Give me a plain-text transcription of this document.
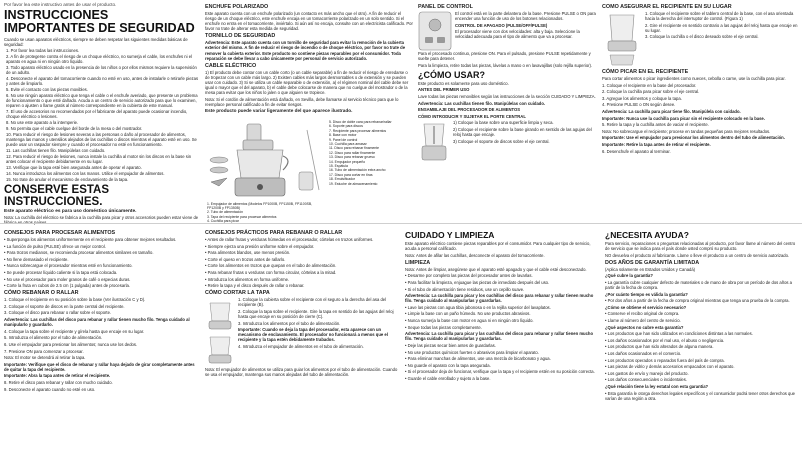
Por favor lea este instructivo antes de usar el producto.
INSTRUCCIONES IMPORTANTES DE SEGURIDAD
Cuando se usan aparatos eléctricos, siempre se deben respetar las siguientes medidas básicas de seguridad:
1. Por favor lea todas las instrucciones.
2. A fin de protegerse contra el riesgo de un choque eléctrico, no sumerja el cable, los enchufes ni el aparato en agua ni en ningún otro líquido.
3. Todo aparato eléctrico usado en la presencia de los niños o por ellos mismos requiere la supervisión de un adulto.
4. Desconecte el aparato del tomacorriente cuando no esté en uso, antes de instalarle o retirarle piezas y antes de limpiarlo.
5. Evite el contacto con las piezas movibles.
6. No use ningún aparato eléctrico que tenga el cable o el enchufe averiado, que presente un problema de funcionamiento o que esté dañado. Acuda a un centro de servicio autorizado para que lo examinen, reparen o ajusten o llame gratis al número correspondiente en la cubierta de este manual.
7. El uso de accesorios no recomendados por el fabricante del aparato puede ocasionar incendio, choque eléctrico o lesiones.
8. No use este aparato a la intemperie.
9. No permita que el cable cuelgue del borde de la mesa o del mostrador.
10. Para reducir el riesgo de lesiones severas a las personas o daño al procesador de alimentos, mantenga las manos y utensilios alejados de las cuchillas o discos mientras el aparato esté en uso. Se puede usar un raspador siempre y cuando el procesador no esté en funcionamiento.
11. Las cuchillas tienen filo. Manipúlelas con cuidado.
12. Para reducir el riesgo de lesiones, nunca instale la cuchilla al motor sin los discos en la base sin antes colocar el recipiente debidamente en su lugar.
13. Verifique que la tapa esté bien asegurada antes de operar el aparato.
14. Nunca introduzca los alimentos con las manos. Utilice el empujador de alimentos.
15. No trate de anular el mecanismo de enclavamiento de la tapa.
CONSERVE ESTAS INSTRUCCIONES.
Este aparato eléctrico es para uso doméstico únicamente.
Nota: La cuchilla del eléctrico se fabrica a la cuchilla para picar y otros accesorios pueden estar viene de fábrica en otros países.
ENCHUFE POLARIZADO
Este aparato cuenta con un enchufe polarizado (un contacto es más ancho que el otro). A fin de reducir el riesgo de un choque eléctrico, este enchufe encaja en un tomacorriente polarizado en un solo sentido. Si el enchufe no entra en el tomacorriente, inviértalo. Si aún así no encaja, consulte con un electricista calificado. Por favor no trate de alterar esta medida de seguridad.
TORNILLO DE SEGURIDAD
Advertencia: Este aparato cuenta con un tornillo de seguridad para evitar la remoción de la cubierta exterior del mismo. A fin de reducir el riesgo de incendio o de choque eléctrico, por favor no trate de remover la cubierta exterior. Este producto no contiene piezas reparables por el consumidor. Toda reparación se debe llevar a cabo únicamente por personal de servicio autorizado.
CABLE ELÉCTRICO
1) El producto debe contar con un cable corto (o un cable separable) a fin de reducir el riesgo de enredarse o de tropezar con un cable más largo. 2) Existen cables más largos desmontables o de extensión y se pueden usar con cuidado. 3) Si se utiliza un cable separable o de extensión, a) el régimen nominal del cable debe ser igual o mayor que el del aparato, b) el cable debe colocarse de manera que no cuelgue del mostrador o de la mesa para evitar que los niños lo jalen o que alguien se tropiece.
Nota: Si el cordón de alimentación está dañado, en Sevilla, debe llamarse al servicio técnico para que lo reemplace personal calificado a fin de evitar riesgos.
Este producto puede variar ligeramente del que aparece ilustrado.
1. Empujador de alimentos (Modelos FP1000B, FP1150B, FP1100SB, FP1200B y FP1350B)
2. Tubo de alimentación
3. Tapa del recipiente para procesar alimentos
4. Cuchilla para picar
5. Disco de doble cara para rebanar/rallar
6. Soporte para discos
7. Recipiente para procesar alimentos
8. Base con motor
9. Panel de control
10. Cuchilla para amasar
11. Disco para rebanar finamente
12. Disco para rallar finamente
13. Disco para rebanar grueso
14. Empujador pequeño
15. Espátula
16. Tubo de alimentación extra ancho
17. Disco para cortar en tiras
18. Emulsificador
19. Estuche de almacenamiento
PANEL DE CONTROL
El control está en la parte delantera de la base. Presione PULSE o ON para encender una función de uso de los botones relacionados.
CONTROL DE APAGADO (PULSE/OFF/PULSE)
El procesador viene con dos velocidades: alta y baja. Seleccione la velocidad adecuada para el tipo de alimento que va a procesar.
Para el procesado continuo, presione ON. Para el pulsado, presione PULSE repetidamente y suelte para detener.
Para la limpieza, retire todas las piezas, lávelas a mano o en lavavajillas (solo rejilla superior).
¿CÓMO USAR?
Este producto es solamente para uso doméstico.
ANTES DEL PRIMER USO
Lave todas las piezas removibles según las instrucciones de la sección CUIDADO Y LIMPIEZA.
Advertencia: Las cuchillas tienen filo. Manipúlelas con cuidado.
ENSAMBLAJE DEL PROCESADOR DE ALIMENTOS
CÓMO INTRODUCIR Y SUJETAR EL PORTE CENTRAL
1) Coloque la base sobre una superficie limpia y seca.
2) Coloque el recipiente sobre la base girando en sentido de las agujas del reloj hasta que encaje.
3) Coloque el soporte de discos sobre el eje central.
COMO ASEGURAR EL RECIPIENTE EN SU LUGAR
1. Coloque el recipiente sobre el tablero central de la base, con el asa orientada hacia la derecha del interruptor de control. (Figura 1)
2. Gire el recipiente en sentido contrario a las agujas del reloj hasta que encaje en su lugar.
3. Coloque la cuchilla o el disco deseado sobre el eje central.
CÓMO PICAR EN EL RECIPIENTE
Para cortar alimentos o picar ingredientes como nueces, cebolla o carne, use la cuchilla para picar.
1. Coloque el recipiente en la base del procesador.
2. Coloque la cuchilla para picar sobre el eje central.
3. Agregue los alimentos y coloque la tapa.
4. Presione PULSE o ON según desee.
Advertencia: La cuchilla para picar tiene filo. Manipúlela con cuidado.
Importante: Nunca use la cuchilla para picar sin el recipiente colocado en la base.
5. Retire la tapa y la cuchilla antes de vaciar el recipiente.
Nota: No sobrecargue el recipiente; procese en tandas pequeñas para mejores resultados.
Importante: Use el empujador para presionar los alimentos dentro del tubo de alimentación.
Importante: Retire la tapa antes de retirar el recipiente.
6. Desenchufe el aparato al terminar.
CONSEJOS PARA PROCESAR ALIMENTOS
• Superponga los alimentos uniformemente en el recipiente para obtener mejores resultados.
• La función de pulso (PULSE) ofrece un mejor control.
• Para trozos medianos, se recomienda procesar alimentos similares en tamaño.
• No llene demasiado el recipiente.
• Nunca sobrecargue el procesador mientras esté en funcionamiento.
• Se puede procesar líquido caliente si la tapa está colocada.
• No use el procesador para moler granos de café o especias duras.
• Corte la fruta en cubos de 2.5 cm (1 pulgada) antes de procesarla.
CÓMO REBANAR O RALLAR
1. Coloque el recipiente en su posición sobre la base (Ver ilustración C y D).
2. Coloque el soporte de discos en la parte central del recipiente.
3. Coloque el disco para rebanar o rallar sobre el soporte.
Advertencia: Las cuchillas del disco para rebanar y rallar tienen mucho filo. Tenga cuidado al manipularlo y guardarlo.
4. Coloque la tapa sobre el recipiente y gírela hasta que encaje en su lugar.
5. Introduzca el alimento por el tubo de alimentación.
6. Use el empujador para presionar los alimentos; nunca use los dedos.
7. Presione ON para comenzar a procesar.
Nota: El motor se detendrá al retirar la tapa.
Importante: Verifique que el disco de rebanar y rallar haya dejado de girar completamente antes de quitar la tapa del recipiente.
Importante: Abra la tapa antes de retirar el recipiente.
8. Retire el disco para rebanar y rallar con mucho cuidado.
9. Desconecte el aparato cuando no esté en uso.
CONSEJOS PRÁCTICOS PARA REBANAR O RALLAR
• Antes de rallar frutas y verduras húmedas en el procesador, córtelas en trozos uniformes.
• Siempre ejerza una presión uniforme sobre el empujador.
• Para alimentos blandos, use menos presión.
• Corte el queso en trozos antes de rallarlo.
• Corte los alimentos en trozos que quepan en el tubo de alimentación.
• Para rebanar frutas o verduras con forma circular, córtelas a la mitad.
• Introduzca los alimentos en forma uniforme.
• Retire la tapa y el disco después de rallar o rebanar.
CÓMO CORTAR LA TAPA
1. Coloque la cubierta sobre el recipiente con el seguro a la derecha del asa del recipiente (B).
2. Coloque la tapa sobre el recipiente. Gire la tapa en sentido de las agujas del reloj hasta que encaje en su posición de cierre (C).
3. Introduzca los alimentos por el tubo de alimentación.
Importante: Cuando se deja la tapa del procesador, esta aparece con un mecanismo de enclavamiento. El procesador no funcionará a menos que el recipiente y la tapa estén debidamente trabados.
4. Introduzca el empujador de alimentos en el tubo de alimentación.
Nota: El empujador de alimentos se utiliza para guiar los alimentos por el tubo de alimentación. Cuando se usa el empujador, mantenga sus manos alejadas del tubo de alimentación.
CUIDADO Y LIMPIEZA
Este aparato eléctrico contiene piezas reparables por el consumidor. Para cualquier tipo de servicio, acuda a personal calificado.
Nota: Antes de afilar las cuchillas, desconecte el aparato del tomacorriente.
LIMPIEZA
Nota: Antes de limpiar, asegúrese que el aparato esté apagado y que el cable esté desconectado.
• Desarme por completo las piezas del procesador antes de lavarlas.
• Para facilitar la limpieza, enjuague las piezas de inmediato después del uso.
• Si el tubo de alimentación tiene residuos, use un cepillo suave.
Advertencia: La cuchilla para picar y los cuchillas del disco para rebanar y rallar tienen mucho filo. Tenga cuidado al manipularlas y guardarlas.
• Lave las piezas con agua tibia jabonosa o en la rejilla superior del lavaplatos.
• Limpie la base con un paño húmedo. No use productos abrasivos.
• Nunca sumerja la base con motor en agua ni en ningún otro líquido.
• Seque todas las piezas completamente.
Advertencia: La cuchilla para picar y las cuchillas del disco para rebanar y rallar tienen mucho filo. Tenga cuidado al manipularlas y guardarlas.
• Deje las piezas secar bien antes de guardarlas.
• No use productos químicos fuertes o abrasivos para limpiar el aparato.
• Para eliminar manchas de alimentos, use una mezcla de bicarbonato y agua.
• No guarde el aparato con la tapa asegurada.
• Si el procesador deja de funcionar, verifique que la tapa y el recipiente estén en su posición correcta.
• Guarde el cable enrollado y sujeto a la base.
¿NECESITA AYUDA?
Para servicio, reparaciones o preguntas relacionadas al producto, por favor llame al número del centro de servicio que se indica para el país donde usted compró su producto.
NO devuelva el producto al fabricante. Llame o lleve el producto a un centro de servicio autorizado.
DOS AÑOS DE GARANTÍA LIMITADA
(Aplica solamente en Estados Unidos y Canadá)
¿Qué cubre la garantía?
• La garantía cubre cualquier defecto de materiales o de mano de obra por un período de dos años a partir de la fecha de compra.
¿Por cuánto tiempo es válida la garantía?
• Por dos años a partir de la fecha de compra original mientras que tenga una prueba de la compra.
¿Cómo se obtiene el servicio necesario?
• Conserve el recibo original de compra.
• Llame al número del centro de servicio.
¿Qué aspectos no cubre esta garantía?
• Los productos que han sido utilizados en condiciones distintas a las normales.
• Los daños ocasionados por el mal uso, el abuso o negligencia.
• Los productos que han sido alterados de alguna manera.
• Los daños ocasionados en el comercio.
• Los productos operados o reparados fuera del país de compra.
• Las piezas de vidrio y demás accesorios empacados con el aparato.
• Los gastos de envío y manejo del producto.
• Los daños consecuenciales o incidentales.
¿Qué relación tiene la ley estatal con esta garantía?
• Esta garantía le otorga derechos legales específicos y el consumidor podrá tener otros derechos que varían de una región a otra.
